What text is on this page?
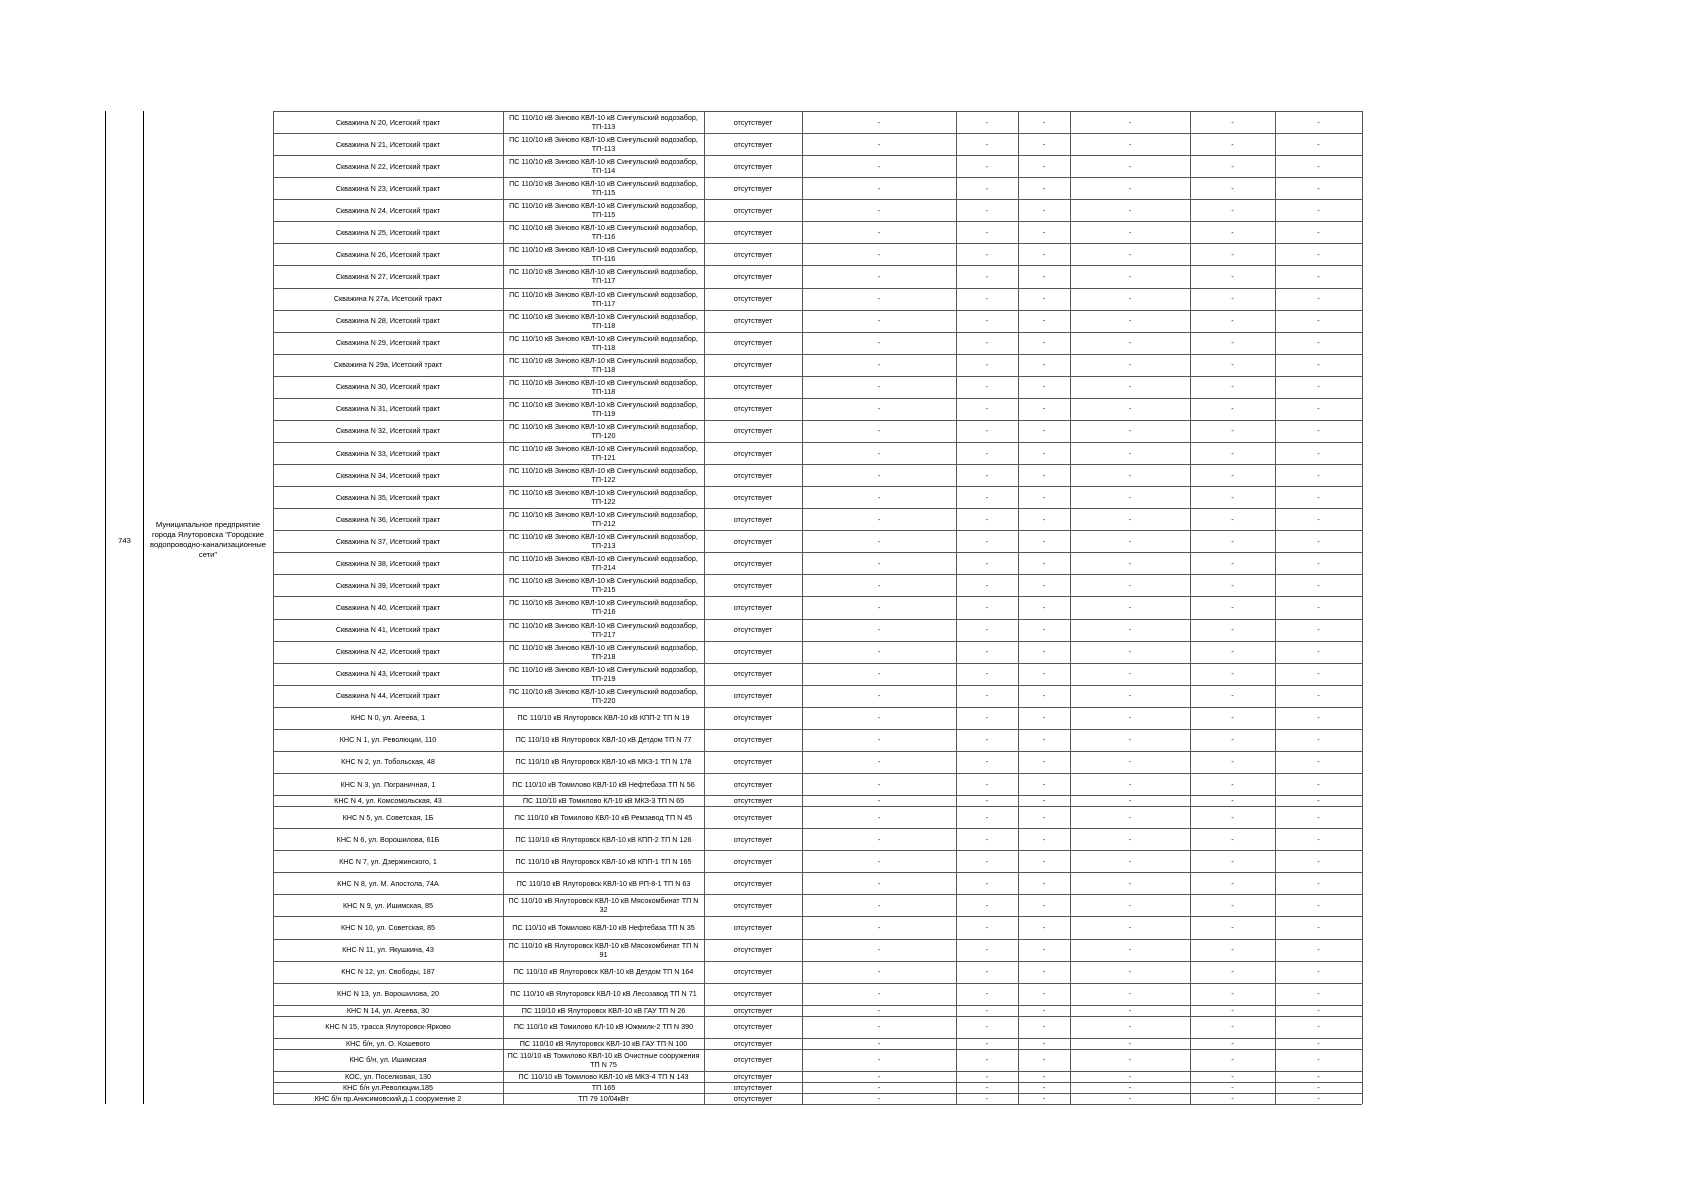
743
Муниципальное предприятие города Ялуторовска "Городские водопроводно-канализационные сети"
Скважина N 20, Исетский тракт	ПС 110/10 кВ Зиновo КВЛ-10 кВ Сингульский водозабор, ТП-113	отсутствует	-	-	-	-	-	-
Скважина N 21, Исетский тракт	ПС 110/10 кВ Зиновo КВЛ-10 кВ Сингульский водозабор, ТП-113	отсутствует	-	-	-	-	-	-
Скважина N 22, Исетский тракт	ПС 110/10 кВ Зиновo КВЛ-10 кВ Сингульский водозабор, ТП-114	отсутствует	-	-	-	-	-	-
Скважина N 23, Исетский тракт	ПС 110/10 кВ Зиновo КВЛ-10 кВ Сингульский водозабор, ТП-115	отсутствует	-	-	-	-	-	-
Скважина N 24, Исетский тракт	ПС 110/10 кВ Зиновo КВЛ-10 кВ Сингульский водозабор, ТП-115	отсутствует	-	-	-	-	-	-
Скважина N 25, Исетский тракт	ПС 110/10 кВ Зиновo КВЛ-10 кВ Сингульский водозабор, ТП-116	отсутствует	-	-	-	-	-	-
Скважина N 26, Исетский тракт	ПС 110/10 кВ Зиновo КВЛ-10 кВ Сингульский водозабор, ТП-116	отсутствует	-	-	-	-	-	-
Скважина N 27, Исетский тракт	ПС 110/10 кВ Зиновo КВЛ-10 кВ Сингульский водозабор, ТП-117	отсутствует	-	-	-	-	-	-
Скважина N 27а, Исетский тракт	ПС 110/10 кВ Зиновo КВЛ-10 кВ Сингульский водозабор, ТП-117	отсутствует	-	-	-	-	-	-
Скважина N 28, Исетский тракт	ПС 110/10 кВ Зиновo КВЛ-10 кВ Сингульский водозабор, ТП-118	отсутствует	-	-	-	-	-	-
Скважина N 29, Исетский тракт	ПС 110/10 кВ Зиновo КВЛ-10 кВ Сингульский водозабор, ТП-118	отсутствует	-	-	-	-	-	-
Скважина N 29а, Исетский тракт	ПС 110/10 кВ Зиновo КВЛ-10 кВ Сингульский водозабор, ТП-118	отсутствует	-	-	-	-	-	-
Скважина N 30, Исетский тракт	ПС 110/10 кВ Зиновo КВЛ-10 кВ Сингульский водозабор, ТП-118	отсутствует	-	-	-	-	-	-
Скважина N 31, Исетский тракт	ПС 110/10 кВ Зиновo КВЛ-10 кВ Сингульский водозабор, ТП-119	отсутствует	-	-	-	-	-	-
Скважина N 32, Исетский тракт	ПС 110/10 кВ Зиновo КВЛ-10 кВ Сингульский водозабор, ТП-120	отсутствует	-	-	-	-	-	-
Скважина N 33, Исетский тракт	ПС 110/10 кВ Зиновo КВЛ-10 кВ Сингульский водозабор, ТП-121	отсутствует	-	-	-	-	-	-
Скважина N 34, Исетский тракт	ПС 110/10 кВ Зиновo КВЛ-10 кВ Сингульский водозабор, ТП-122	отсутствует	-	-	-	-	-	-
Скважина N 35, Исетский тракт	ПС 110/10 кВ Зиновo КВЛ-10 кВ Сингульский водозабор, ТП-122	отсутствует	-	-	-	-	-	-
Скважина N 36, Исетский тракт	ПС 110/10 кВ Зиновo КВЛ-10 кВ Сингульский водозабор, ТП-212	отсутствует	-	-	-	-	-	-
Скважина N 37, Исетский тракт	ПС 110/10 кВ Зиновo КВЛ-10 кВ Сингульский водозабор, ТП-213	отсутствует	-	-	-	-	-	-
Скважина N 38, Исетский тракт	ПС 110/10 кВ Зиновo КВЛ-10 кВ Сингульский водозабор, ТП-214	отсутствует	-	-	-	-	-	-
Скважина N 39, Исетский тракт	ПС 110/10 кВ Зиновo КВЛ-10 кВ Сингульский водозабор, ТП-215	отсутствует	-	-	-	-	-	-
Скважина N 40, Исетский тракт	ПС 110/10 кВ Зиновo КВЛ-10 кВ Сингульский водозабор, ТП-216	отсутствует	-	-	-	-	-	-
Скважина N 41, Исетский тракт	ПС 110/10 кВ Зиновo КВЛ-10 кВ Сингульский водозабор, ТП-217	отсутствует	-	-	-	-	-	-
Скважина N 42, Исетский тракт	ПС 110/10 кВ Зиновo КВЛ-10 кВ Сингульский водозабор, ТП-218	отсутствует	-	-	-	-	-	-
Скважина N 43, Исетский тракт	ПС 110/10 кВ Зиновo КВЛ-10 кВ Сингульский водозабор, ТП-219	отсутствует	-	-	-	-	-	-
Скважина N 44, Исетский тракт	ПС 110/10 кВ Зиновo КВЛ-10 кВ Сингульский водозабор, ТП-220	отсутствует	-	-	-	-	-	-
КНС N 0, ул. Агеева, 1	ПС 110/10 кВ Ялуторовск КВЛ-10 кВ КПП-2 ТП N 19	отсутствует	-	-	-	-	-	-
КНС N 1, ул. Революции, 110	ПС 110/10 кВ Ялуторовск КВЛ-10 кВ Детдом ТП N 77	отсутствует	-	-	-	-	-	-
КНС N 2, ул. Тобольская, 48	ПС 110/10 кВ Ялуторовск КВЛ-10 кВ МКЗ-1 ТП N 178	отсутствует	-	-	-	-	-	-
КНС N 3, ул. Пограничная, 1	ПС 110/10 кВ Томилово КВЛ-10 кВ Нефтебаза ТП N 56	отсутствует	-	-	-	-	-	-
КНС N 4, ул. Комсомольская, 43	ПС 110/10 кВ Томилово КЛ-10 кВ МКЗ-3 ТП N 65	отсутствует	-	-	-	-	-	-
КНС N 5, ул. Советская, 1Б	ПС 110/10 кВ Томилово КВЛ-10 кВ Ремзавод ТП N 45	отсутствует	-	-	-	-	-	-
КНС N 6, ул. Ворошилова, 61Б	ПС 110/10 кВ Ялуторовск КВЛ-10 кВ КПП-2 ТП N 126	отсутствует	-	-	-	-	-	-
КНС N 7, ул. Дзержинского, 1	ПС 110/10 кВ Ялуторовск КВЛ-10 кВ КПП-1 ТП N 165	отсутствует	-	-	-	-	-	-
КНС N 8, ул. М. Апостола, 74А	ПС 110/10 кВ Ялуторовск КВЛ-10 кВ РП-8-1 ТП N 63	отсутствует	-	-	-	-	-	-
КНС N 9, ул. Ишимская, 85	ПС 110/10 кВ Ялуторовск КВЛ-10 кВ Мясокомбинат ТП N 32	отсутствует	-	-	-	-	-	-
КНС N 10, ул. Советская, 85	ПС 110/10 кВ Томилово КВЛ-10 кВ Нефтебаза ТП N 35	отсутствует	-	-	-	-	-	-
КНС N 11, ул. Якушкина, 43	ПС 110/10 кВ Ялуторовск КВЛ-10 кВ Мясокомбинат ТП N 91	отсутствует	-	-	-	-	-	-
КНС N 12, ул. Свободы, 187	ПС 110/10 кВ Ялуторовск КВЛ-10 кВ Детдом ТП N 164	отсутствует	-	-	-	-	-	-
КНС N 13, ул. Ворошилова, 20	ПС 110/10 кВ Ялуторовск КВЛ-10 кВ Лесозавод ТП N 71	отсутствует	-	-	-	-	-	-
КНС N 14, ул. Агеева, 30	ПС 110/10 кВ Ялуторовск КВЛ-10 кВ ГАУ ТП N 26	отсутствует	-	-	-	-	-	-
КНС N 15, трасса Ялуторовск-Ярково	ПС 110/10 кВ Томилово КЛ-10 кВ Южмилк-2 ТП N 390	отсутствует	-	-	-	-	-	-
КНС б/н, ул. О. Кошевого	ПС 110/10 кВ Ялуторовск КВЛ-10 кВ ГАУ ТП N 100	отсутствует	-	-	-	-	-	-
КНС б/н, ул. Ишимская	ПС 110/10 кВ Томилово КВЛ-10 кВ Очистные сооружения ТП N 75	отсутствует	-	-	-	-	-	-
КОС, ул. Поселковая, 130	ПС 110/10 кВ Томилово КВЛ-10 кВ МКЗ-4 ТП N 143	отсутствует	-	-	-	-	-	-
КНС б/н ул.Революции,185	ТП 165	отсутствует	-	-	-	-	-	-
КНС б/н пр.Анисимовский,д.1 сооружение 2	ТП 79 10/04кВт	отсутствует	-	-	-	-	-	-
